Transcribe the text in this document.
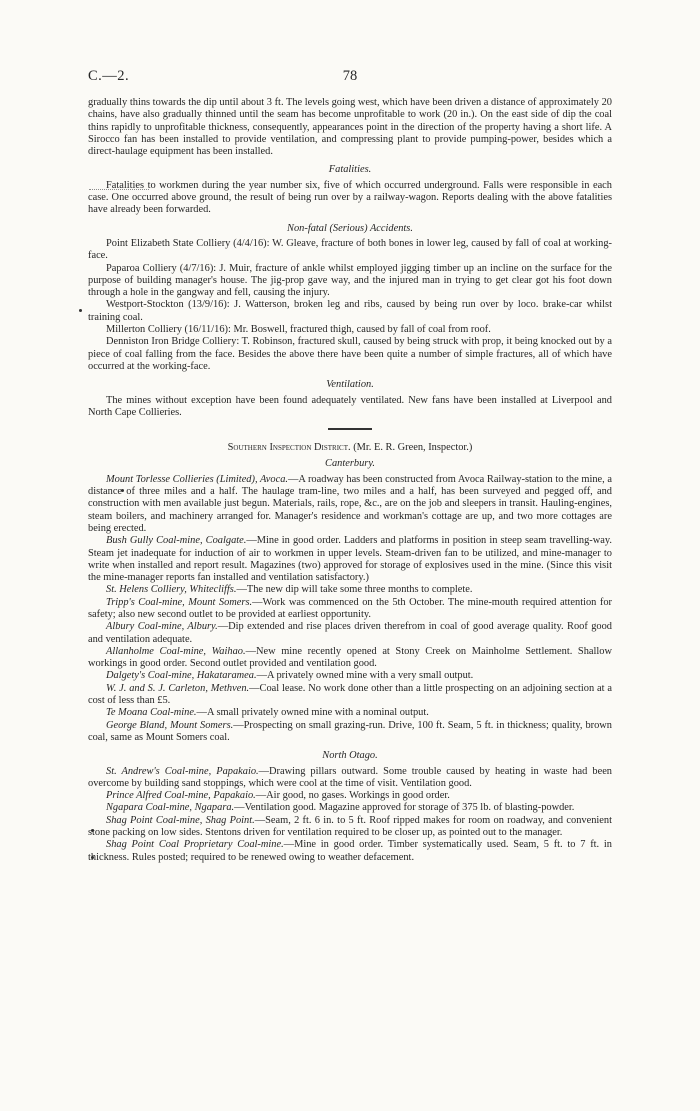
C.—2.	78

gradually thins towards the dip until about 3 ft. The levels going west, which have been driven a distance of approximately 20 chains, have also gradually thinned until the seam has become unprofitable to work (20 in.). On the east side of dip the coal thins rapidly to unprofitable thickness, consequently, appearances point in the direction of the property having a short life. A Sirocco fan has been installed to provide ventilation, and compressing plant to provide pumping-power, besides which a direct-haulage equipment has been installed.

Fatalities.

Fatalities to workmen during the year number six, five of which occurred underground. Falls were responsible in each case. One occurred above ground, the result of being run over by a railway-wagon. Reports dealing with the above fatalities have already been forwarded.

Non-fatal (Serious) Accidents.

Point Elizabeth State Colliery (4/4/16): W. Gleave, fracture of both bones in lower leg, caused by fall of coal at working-face.

Paparoa Colliery (4/7/16): J. Muir, fracture of ankle whilst employed jigging timber up an incline on the surface for the purpose of building manager's house. The jig-prop gave way, and the injured man in trying to get clear got his foot down through a hole in the gangway and fell, causing the injury.

Westport-Stockton (13/9/16): J. Watterson, broken leg and ribs, caused by being run over by loco. brake-car whilst training coal.

Millerton Colliery (16/11/16): Mr. Boswell, fractured thigh, caused by fall of coal from roof.

Denniston Iron Bridge Colliery: T. Robinson, fractured skull, caused by being struck with prop, it being knocked out by a piece of coal falling from the face. Besides the above there have been quite a number of simple fractures, all of which have occurred at the working-face.

Ventilation.

The mines without exception have been found adequately ventilated. New fans have been installed at Liverpool and North Cape Collieries.

Southern Inspection District. (Mr. E. R. Green, Inspector.)
Canterbury.

Mount Torlesse Collieries (Limited), Avoca.—A roadway has been constructed from Avoca Railway-station to the mine, a distance of three miles and a half. The haulage tram-line, two miles and a half, has been surveyed and pegged off, and construction with men available just begun. Materials, rails, rope, &c., are on the job and sleepers in transit. Hauling-engines, steam boilers, and machinery arranged for. Manager's residence and workman's cottage are up, and two more cottages are being erected.

Bush Gully Coal-mine, Coalgate.—Mine in good order. Ladders and platforms in position in steep seam travelling-way. Steam jet inadequate for induction of air to workmen in upper levels. Steam-driven fan to be utilized, and mine-manager to write when installed and report result. Magazines (two) approved for storage of explosives used in the mine. (Since this visit the mine-manager reports fan installed and ventilation satisfactory.)

St. Helens Colliery, Whitecliffs.—The new dip will take some three months to complete.

Tripp's Coal-mine, Mount Somers.—Work was commenced on the 5th October. The mine-mouth required attention for safety; also new second outlet to be provided at earliest opportunity.

Albury Coal-mine, Albury.—Dip extended and rise places driven therefrom in coal of good average quality. Roof good and ventilation adequate.

Allanholme Coal-mine, Waihao.—New mine recently opened at Stony Creek on Mainholme Settlement. Shallow workings in good order. Second outlet provided and ventilation good.

Dalgety's Coal-mine, Hakataramea.—A privately owned mine with a very small output.

W. J. and S. J. Carleton, Methven.—Coal lease. No work done other than a little prospecting on an adjoining section at a cost of less than £5.

Te Moana Coal-mine.—A small privately owned mine with a nominal output.

George Bland, Mount Somers.—Prospecting on small grazing-run. Drive, 100 ft. Seam, 5 ft. in thickness; quality, brown coal, same as Mount Somers coal.

North Otago.

St. Andrew's Coal-mine, Papakaio.—Drawing pillars outward. Some trouble caused by heating in waste had been overcome by building sand stoppings, which were cool at the time of visit. Ventilation good.

Prince Alfred Coal-mine, Papakaio.—Air good, no gases. Workings in good order.

Ngapara Coal-mine, Ngapara.—Ventilation good. Magazine approved for storage of 375 lb. of blasting-powder.

Shag Point Coal-mine, Shag Point.—Seam, 2 ft. 6 in. to 5 ft. Roof ripped makes for room on roadway, and convenient stone packing on low sides. Stentons driven for ventilation required to be closer up, as pointed out to the manager.

Shag Point Coal Proprietary Coal-mine.—Mine in good order. Timber systematically used. Seam, 5 ft. to 7 ft. in thickness. Rules posted; required to be renewed owing to weather defacement.
